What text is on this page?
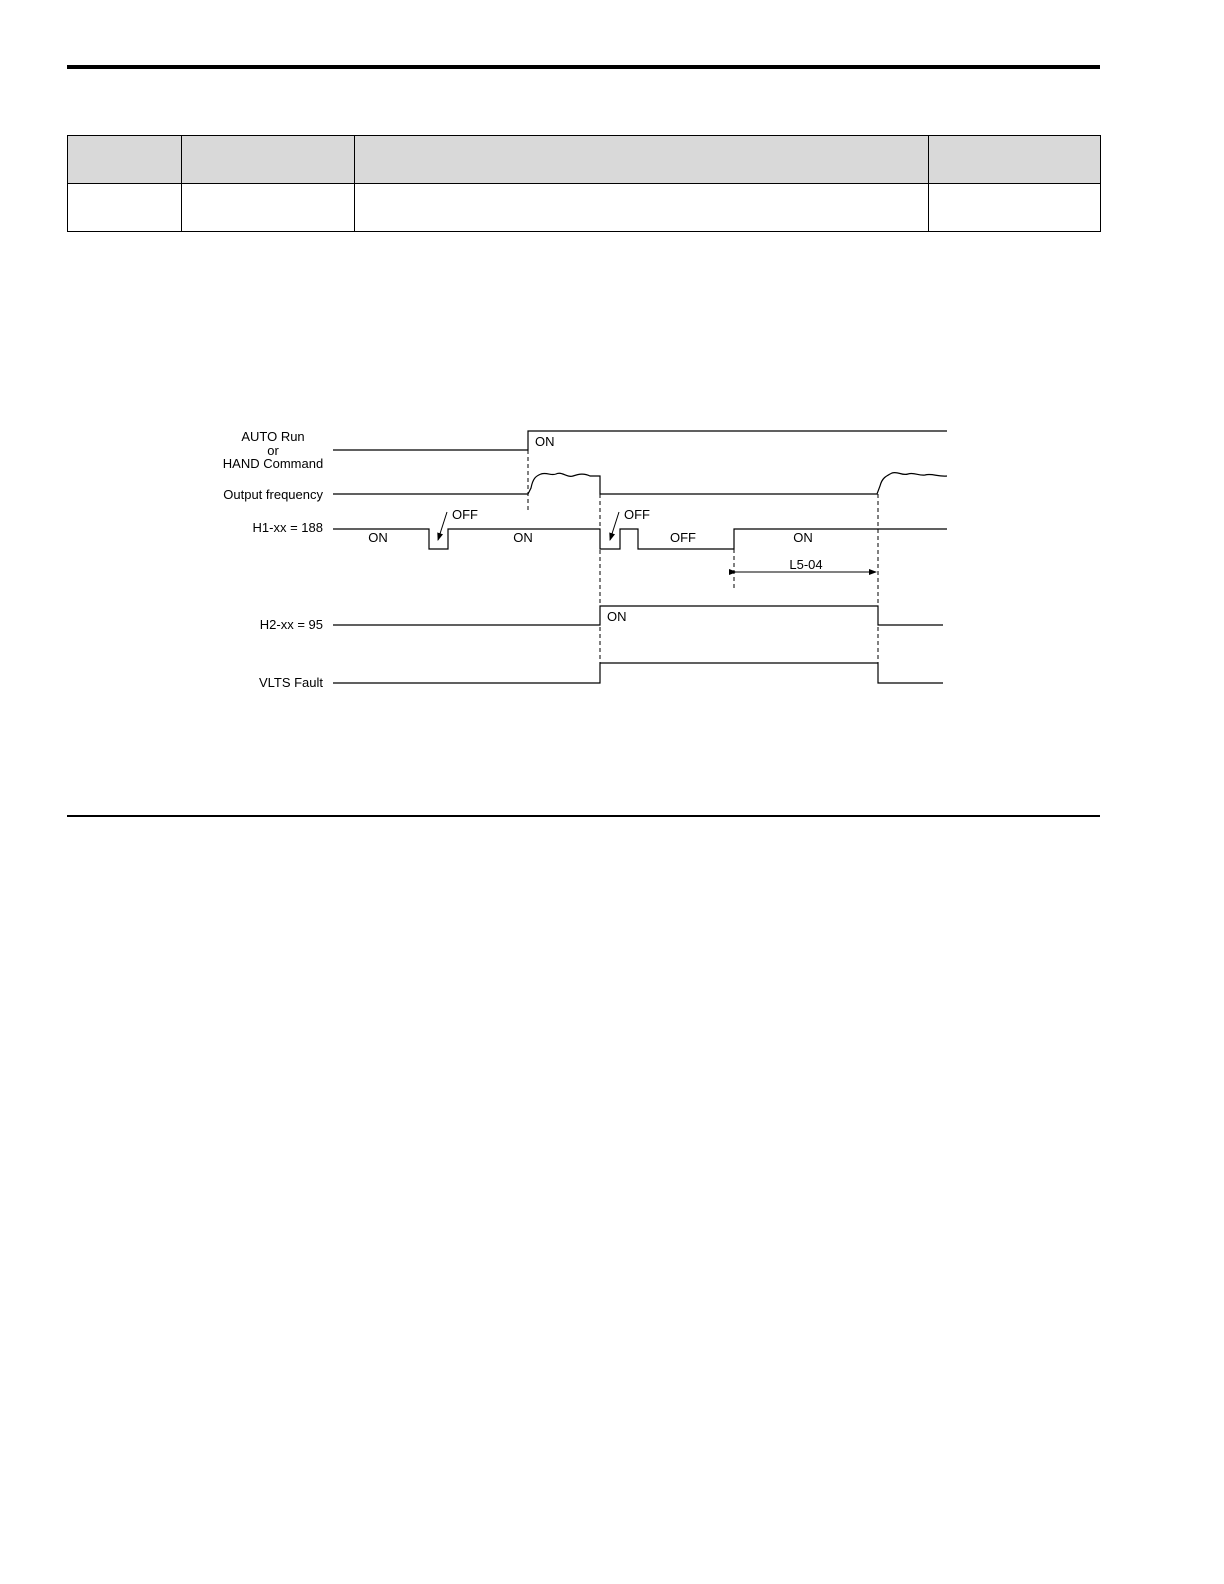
AUTO Run
or
HAND Command
Output frequency
H1-xx = 188
H2-xx = 95
VLTS Fault
ON
ON
OFF
ON
OFF
OFF	ON
L5-04
ON
